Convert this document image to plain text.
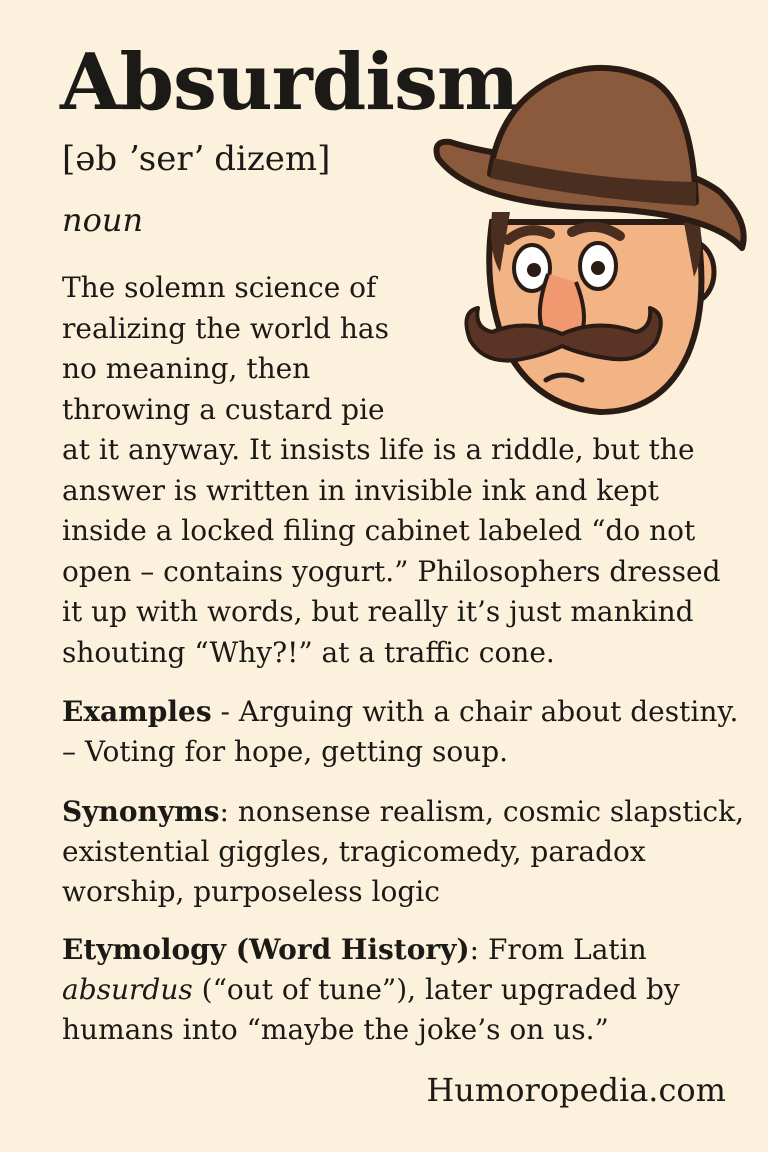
Absurdism
[əb ʼserʼ dizem]
noun

The solemn science of realizing the world has no meaning, then throwing a custard pie at it anyway. It insists life is a riddle, but the answer is written in invisible ink and kept inside a locked filing cabinet labeled “do not open – contains yogurt.” Philosophers dressed it up with words, but really it’s just mankind shouting “Why?!” at a traffic cone.

Examples - Arguing with a chair about destiny.
– Voting for hope, getting soup.

Synonyms: nonsense realism, cosmic slapstick, existential giggles, tragicomedy, paradox worship, purposeless logic

Etymology (Word History): From Latin absurdus (“out of tune”), later upgraded by humans into “maybe the joke’s on us.”

Humoropedia.com
